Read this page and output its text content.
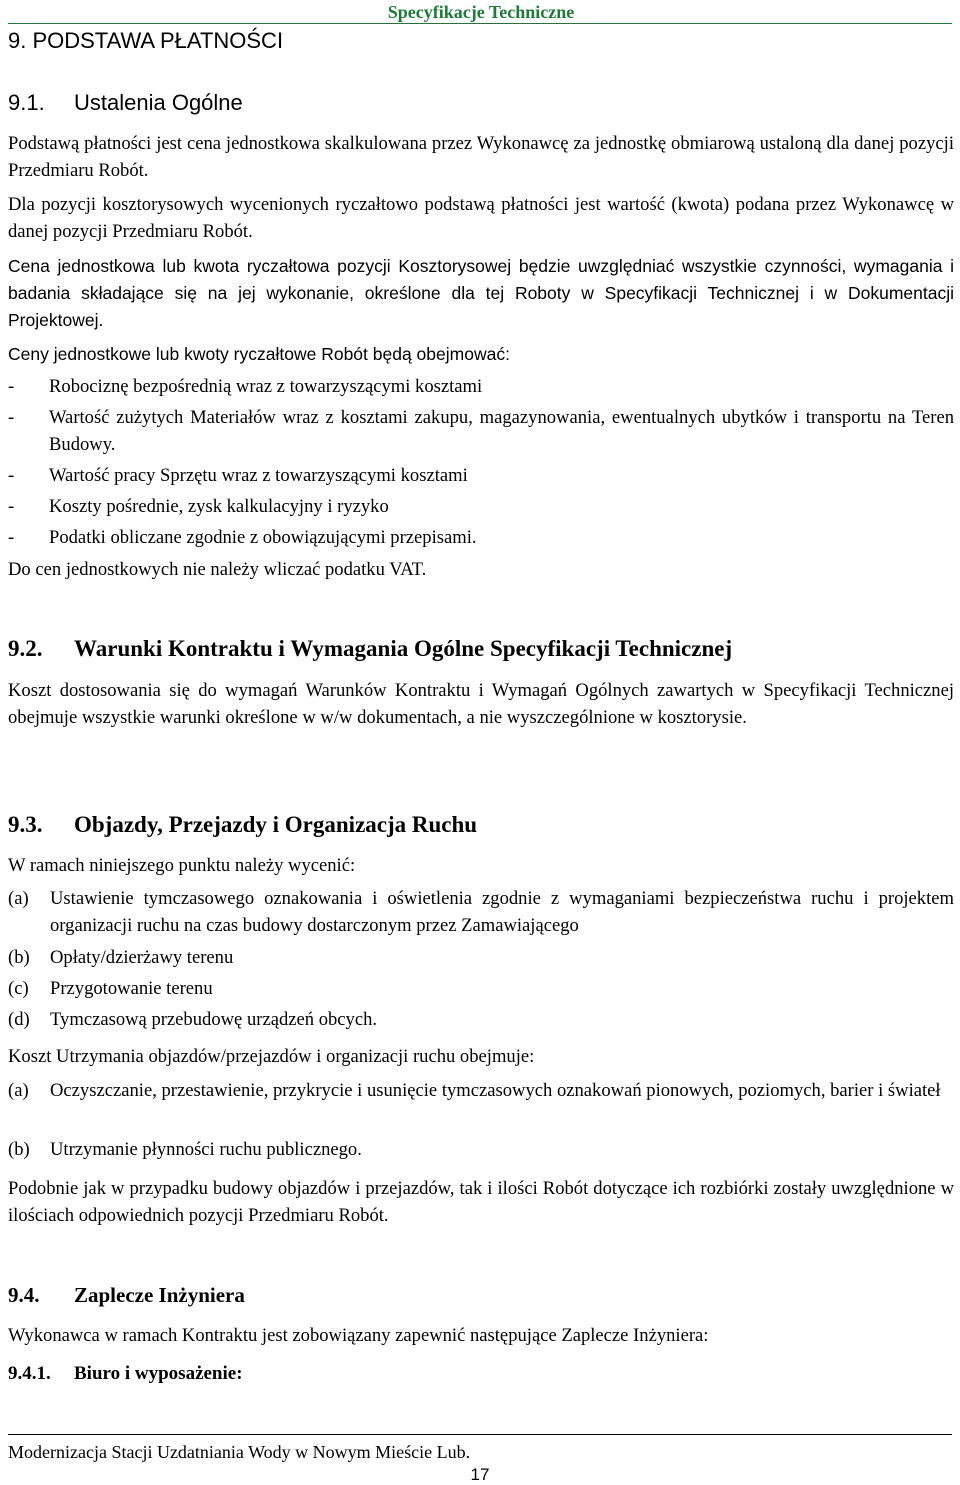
Specyfikacje Techniczne
9. PODSTAWA PŁATNOŚCI
9.1. Ustalenia Ogólne
Podstawą płatności jest cena jednostkowa skalkulowana przez Wykonawcę za jednostkę obmiarową ustaloną dla danej pozycji Przedmiaru Robót.
Dla pozycji kosztorysowych wycenionych ryczałtowo podstawą płatności jest wartość (kwota) podana przez Wykonawcę w danej pozycji Przedmiaru Robót.
Cena jednostkowa lub kwota ryczałtowa pozycji Kosztorysowej będzie uwzględniać wszystkie czynności, wymagania i badania składające się na jej wykonanie, określone dla tej Roboty w Specyfikacji Technicznej i w Dokumentacji Projektowej.
Ceny jednostkowe lub kwoty ryczałtowe Robót będą obejmować:
-	Robociznę bezpośrednią wraz z towarzyszącymi kosztami
-	Wartość zużytych Materiałów wraz z kosztami zakupu, magazynowania, ewentualnych ubytków i transportu na Teren Budowy.
-	Wartość pracy Sprzętu wraz z towarzyszącymi kosztami
-	Koszty pośrednie, zysk kalkulacyjny i ryzyko
-	Podatki obliczane zgodnie z obowiązującymi przepisami.
Do cen jednostkowych nie należy wliczać podatku VAT.
9.2. Warunki Kontraktu i Wymagania Ogólne Specyfikacji Technicznej
Koszt dostosowania się do wymagań Warunków Kontraktu i Wymagań Ogólnych zawartych w Specyfikacji Technicznej obejmuje wszystkie warunki określone w w/w dokumentach, a nie wyszczególnione w kosztorysie.
9.3. Objazdy, Przejazdy i Organizacja Ruchu
W ramach niniejszego punktu należy wycenić:
(a)	Ustawienie tymczasowego oznakowania i oświetlenia zgodnie z wymaganiami bezpieczeństwa ruchu i projektem organizacji ruchu na czas budowy dostarczonym przez Zamawiającego
(b)	Opłaty/dzierżawy terenu
(c)	Przygotowanie terenu
(d)	Tymczasową przebudowę urządzeń obcych.
Koszt Utrzymania objazdów/przejazdów i organizacji ruchu obejmuje:
(a)	Oczyszczanie, przestawienie, przykrycie i usunięcie tymczasowych oznakowań pionowych, poziomych, barier i świateł
(b)	Utrzymanie płynności ruchu publicznego.
Podobnie jak w przypadku budowy objazdów i przejazdów, tak i ilości Robót dotyczące ich rozbiórki zostały uwzględnione w ilościach odpowiednich pozycji Przedmiaru Robót.
9.4. Zaplecze Inżyniera
Wykonawca w ramach Kontraktu jest zobowiązany zapewnić następujące Zaplecze Inżyniera:
9.4.1. Biuro i wyposażenie:
Modernizacja Stacji Uzdatniania Wody w Nowym Mieście Lub.
17
